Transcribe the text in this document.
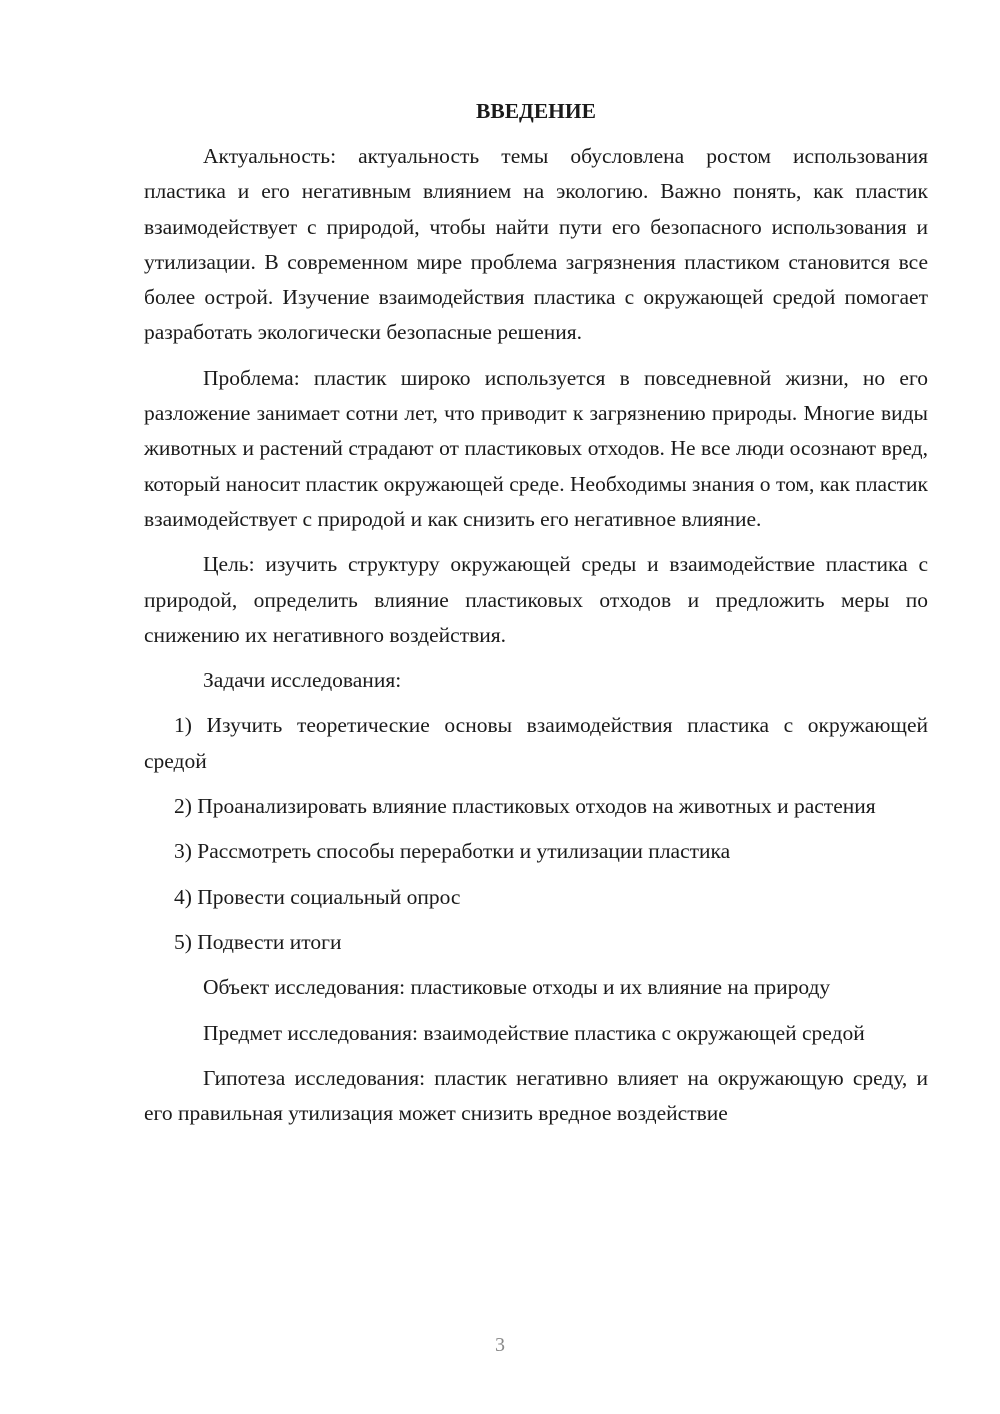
ВВЕДЕНИЕ

Актуальность: актуальность темы обусловлена ростом использования пластика и его негативным влиянием на экологию. Важно понять, как пластик взаимодействует с природой, чтобы найти пути его безопасного использования и утилизации. В современном мире проблема загрязнения пластиком становится все более острой. Изучение взаимодействия пластика с окружающей средой помогает разработать экологически безопасные решения.

Проблема: пластик широко используется в повседневной жизни, но его разложение занимает сотни лет, что приводит к загрязнению природы. Многие виды животных и растений страдают от пластиковых отходов. Не все люди осознают вред, который наносит пластик окружающей среде. Необходимы знания о том, как пластик взаимодействует с природой и как снизить его негативное влияние.

Цель: изучить структуру окружающей среды и взаимодействие пластика с природой, определить влияние пластиковых отходов и предложить меры по снижению их негативного воздействия.

Задачи исследования:

1) Изучить теоретические основы взаимодействия пластика с окружающей средой

2) Проанализировать влияние пластиковых отходов на животных и растения

3) Рассмотреть способы переработки и утилизации пластика

4) Провести социальный опрос

5) Подвести итоги

Объект исследования: пластиковые отходы и их влияние на природу

Предмет исследования: взаимодействие пластика с окружающей средой

Гипотеза исследования: пластик негативно влияет на окружающую среду, и его правильная утилизация может снизить вредное воздействие

3
